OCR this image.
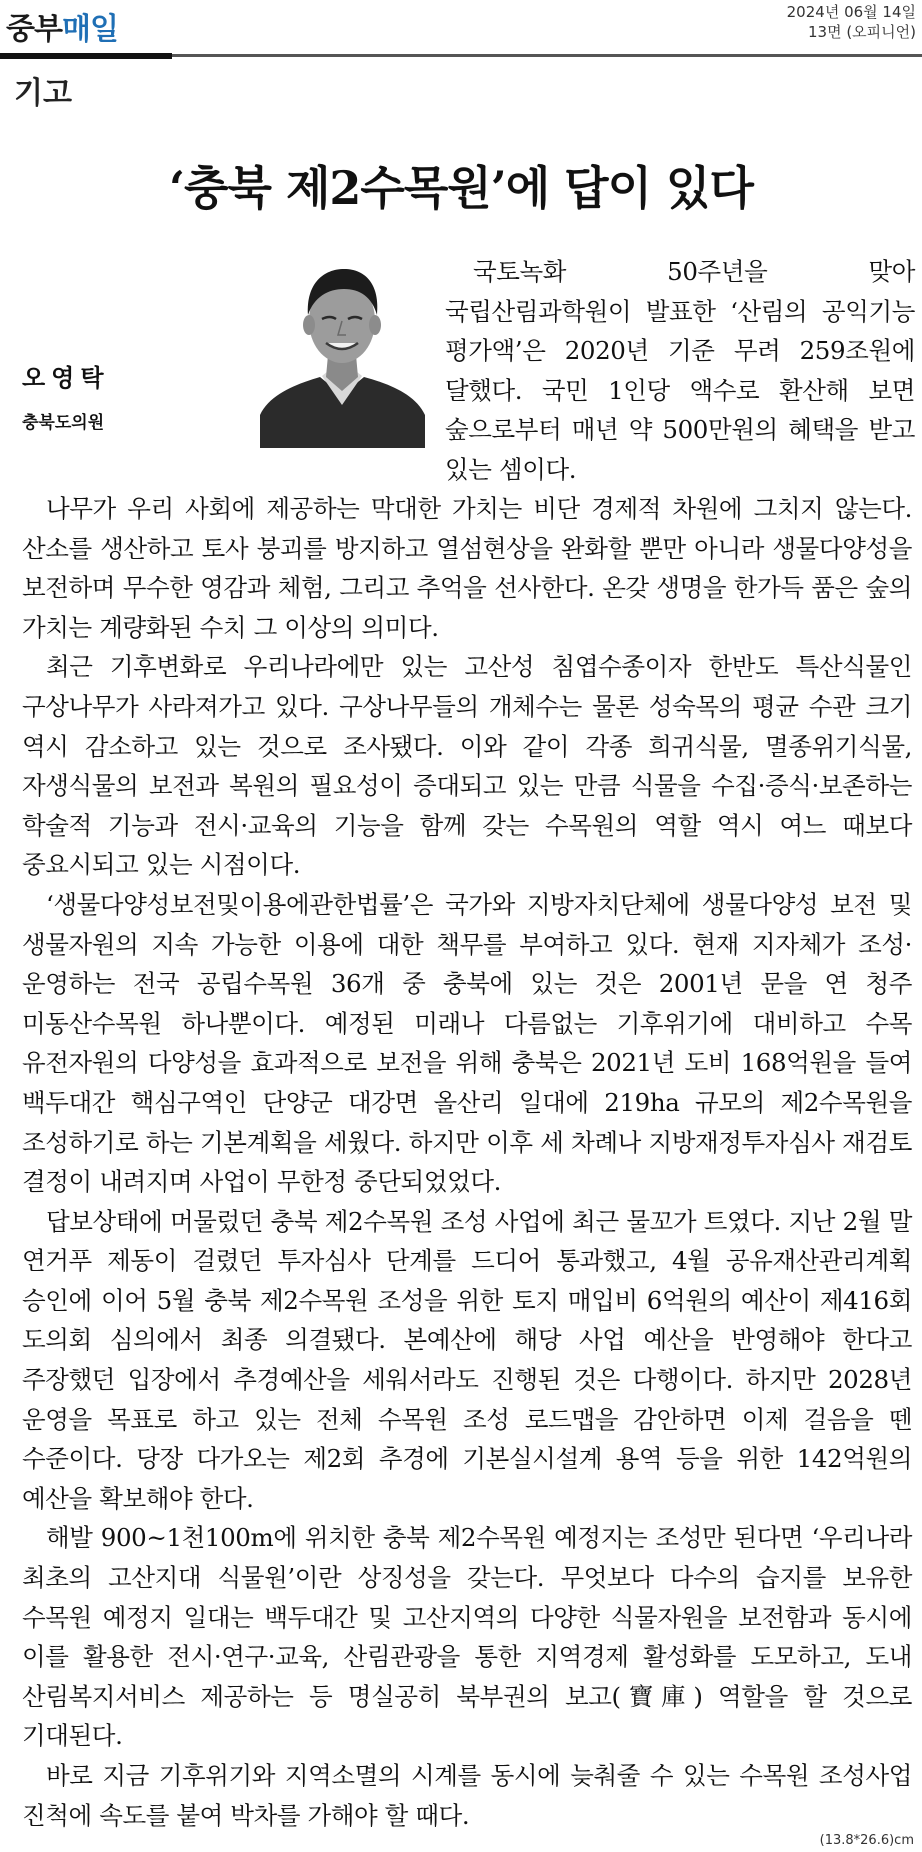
중부매일	2024년 06월 14일
13면 (오피니언)
기고
‘충북 제2수목원’에 답이 있다
오영탁
충북도의원

국토녹화 50주년을 맞아 국립산림과학원이 발표한 ‘산림의 공익기능 평가액’은 2020년 기준 무려 259조원에 달했다. 국민 1인당 액수로 환산해 보면 숲으로부터 매년 약 500만원의 혜택을 받고 있는 셈이다.

나무가 우리 사회에 제공하는 막대한 가치는 비단 경제적 차원에 그치지 않는다. 산소를 생산하고 토사 붕괴를 방지하고 열섬현상을 완화할 뿐만 아니라 생물다양성을 보전하며 무수한 영감과 체험, 그리고 추억을 선사한다. 온갖 생명을 한가득 품은 숲의 가치는 계량화된 수치 그 이상의 의미다.

최근 기후변화로 우리나라에만 있는 고산성 침엽수종이자 한반도 특산식물인 구상나무가 사라져가고 있다. 구상나무들의 개체수는 물론 성숙목의 평균 수관 크기 역시 감소하고 있는 것으로 조사됐다. 이와 같이 각종 희귀식물, 멸종위기식물, 자생식물의 보전과 복원의 필요성이 증대되고 있는 만큼 식물을 수집·증식·보존하는 학술적 기능과 전시·교육의 기능을 함께 갖는 수목원의 역할 역시 여느 때보다 중요시되고 있는 시점이다.

‘생물다양성보전및이용에관한법률’은 국가와 지방자치단체에 생물다양성 보전 및 생물자원의 지속 가능한 이용에 대한 책무를 부여하고 있다. 현재 지자체가 조성·운영하는 전국 공립수목원 36개 중 충북에 있는 것은 2001년 문을 연 청주 미동산수목원 하나뿐이다. 예정된 미래나 다름없는 기후위기에 대비하고 수목 유전자원의 다양성을 효과적으로 보전을 위해 충북은 2021년 도비 168억원을 들여 백두대간 핵심구역인 단양군 대강면 올산리 일대에 219ha 규모의 제2수목원을 조성하기로 하는 기본계획을 세웠다. 하지만 이후 세 차례나 지방재정투자심사 재검토 결정이 내려지며 사업이 무한정 중단되었었다.

답보상태에 머물렀던 충북 제2수목원 조성 사업에 최근 물꼬가 트였다. 지난 2월 말 연거푸 제동이 걸렸던 투자심사 단계를 드디어 통과했고, 4월 공유재산관리계획 승인에 이어 5월 충북 제2수목원 조성을 위한 토지 매입비 6억원의 예산이 제416회 도의회 심의에서 최종 의결됐다. 본예산에 해당 사업 예산을 반영해야 한다고 주장했던 입장에서 추경예산을 세워서라도 진행된 것은 다행이다. 하지만 2028년 운영을 목표로 하고 있는 전체 수목원 조성 로드맵을 감안하면 이제 걸음을 뗀 수준이다. 당장 다가오는 제2회 추경에 기본실시설계 용역 등을 위한 142억원의 예산을 확보해야 한다.

해발 900~1천100m에 위치한 충북 제2수목원 예정지는 조성만 된다면 ‘우리나라 최초의 고산지대 식물원’이란 상징성을 갖는다. 무엇보다 다수의 습지를 보유한 수목원 예정지 일대는 백두대간 및 고산지역의 다양한 식물자원을 보전함과 동시에 이를 활용한 전시·연구·교육, 산림관광을 통한 지역경제 활성화를 도모하고, 도내 산림복지서비스 제공하는 등 명실공히 북부권의 보고(寶庫) 역할을 할 것으로 기대된다.

바로 지금 기후위기와 지역소멸의 시계를 동시에 늦춰줄 수 있는 수목원 조성사업 진척에 속도를 붙여 박차를 가해야 할 때다.

(13.8*26.6)cm
